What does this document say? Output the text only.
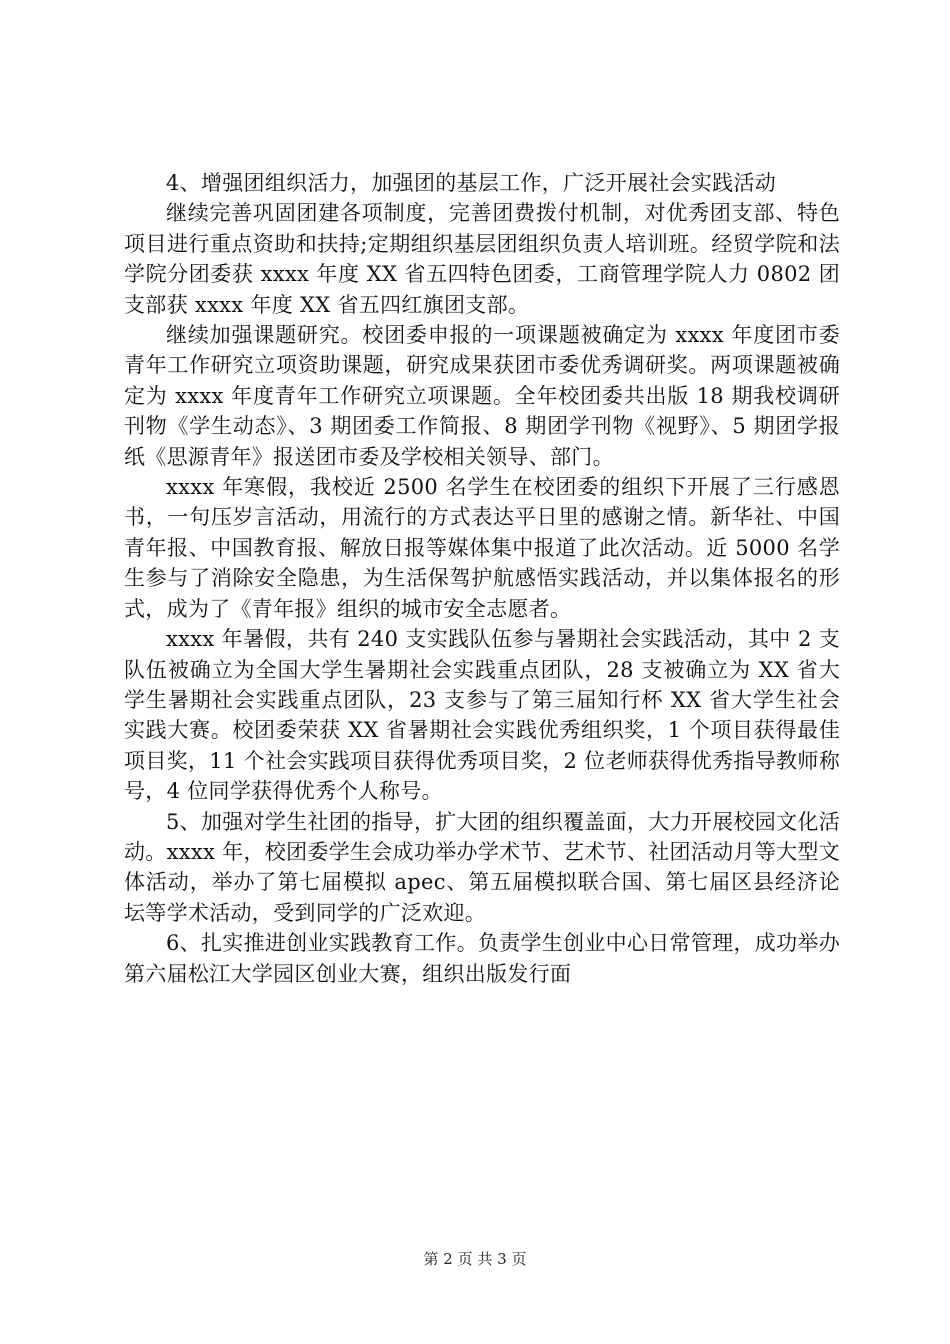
4、增强团组织活力，加强团的基层工作，广泛开展社会实践活动

继续完善巩固团建各项制度，完善团费拨付机制，对优秀团支部、特色项目进行重点资助和扶持;定期组织基层团组织负责人培训班。经贸学院和法学院分团委获 xxxx 年度 XX 省五四特色团委，工商管理学院人力 0802 团支部获 xxxx 年度 XX 省五四红旗团支部。

继续加强课题研究。校团委申报的一项课题被确定为 xxxx 年度团市委青年工作研究立项资助课题，研究成果获团市委优秀调研奖。两项课题被确定为 xxxx 年度青年工作研究立项课题。全年校团委共出版 18 期我校调研刊物《学生动态》、3 期团委工作简报、8 期团学刊物《视野》、5 期团学报纸《思源青年》报送团市委及学校相关领导、部门。

xxxx 年寒假，我校近 2500 名学生在校团委的组织下开展了三行感恩书，一句压岁言活动，用流行的方式表达平日里的感谢之情。新华社、中国青年报、中国教育报、解放日报等媒体集中报道了此次活动。近 5000 名学生参与了消除安全隐患，为生活保驾护航感悟实践活动，并以集体报名的形式，成为了《青年报》组织的城市安全志愿者。

xxxx 年暑假，共有 240 支实践队伍参与暑期社会实践活动，其中 2 支队伍被确立为全国大学生暑期社会实践重点团队，28 支被确立为 XX 省大学生暑期社会实践重点团队，23 支参与了第三届知行杯 XX 省大学生社会实践大赛。校团委荣获 XX 省暑期社会实践优秀组织奖，1 个项目获得最佳项目奖，11 个社会实践项目获得优秀项目奖，2 位老师获得优秀指导教师称号，4 位同学获得优秀个人称号。

5、加强对学生社团的指导，扩大团的组织覆盖面，大力开展校园文化活动。xxxx 年，校团委学生会成功举办学术节、艺术节、社团活动月等大型文体活动，举办了第七届模拟 apec、第五届模拟联合国、第七届区县经济论坛等学术活动，受到同学的广泛欢迎。

6、扎实推进创业实践教育工作。负责学生创业中心日常管理，成功举办第六届松江大学园区创业大赛，组织出版发行面

第 2 页 共 3 页
